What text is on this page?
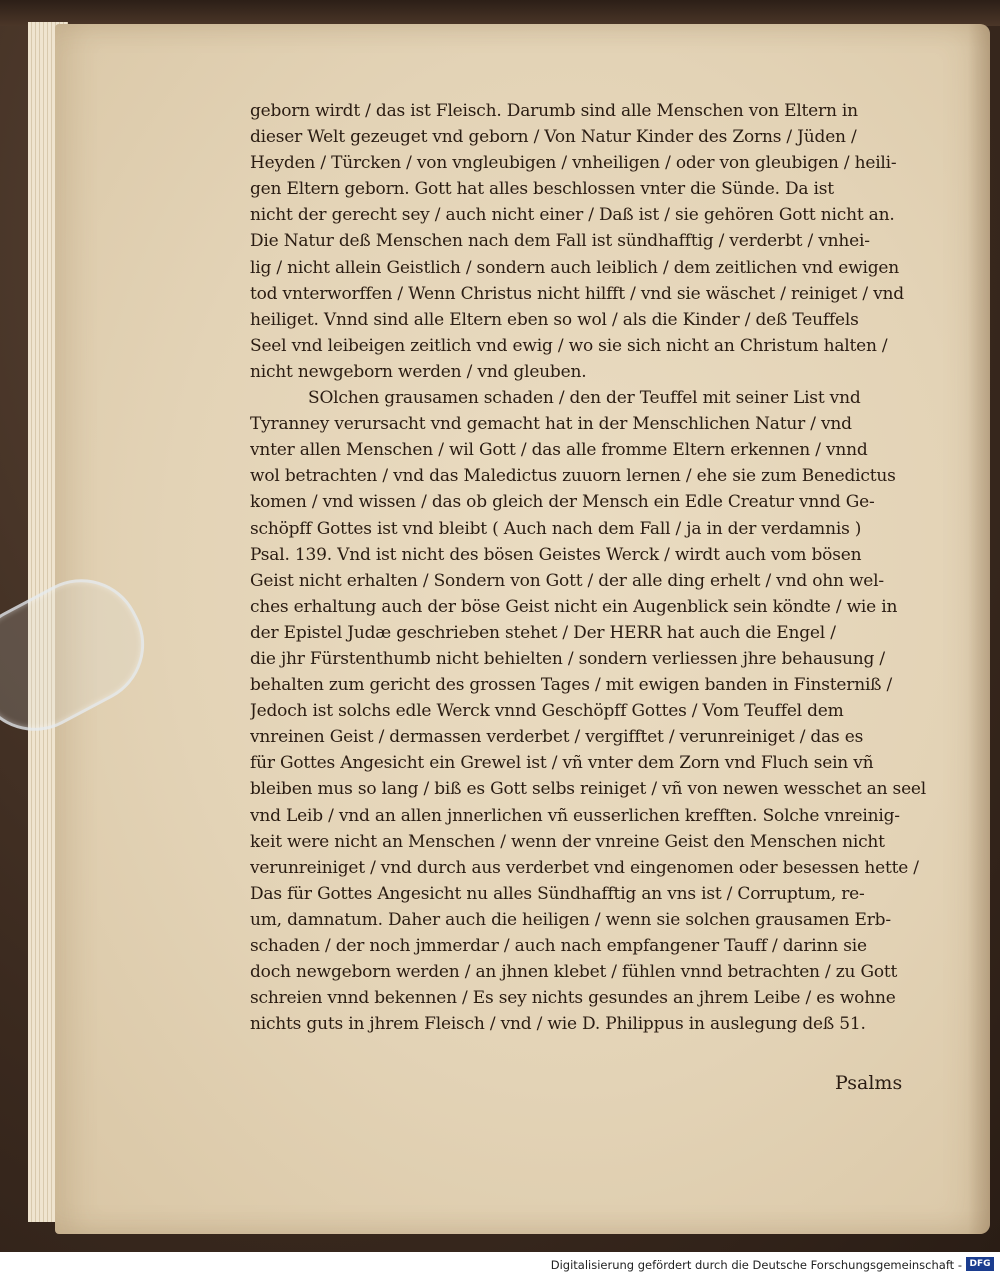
geborn wirdt / das ist Fleisch. Darumb sind alle Menschen von Eltern in
dieser Welt gezeuget vnd geborn / Von Natur Kinder des Zorns / Jüden /
Heyden / Türcken / von vngleubigen / vnheiligen / oder von gleubigen / heili-
gen Eltern geborn. Gott hat alles beschlossen vnter die Sünde. Da ist
nicht der gerecht sey / auch nicht einer / Daß ist / sie gehören Gott nicht an.
Die Natur deß Menschen nach dem Fall ist sündhafftig / verderbt / vnhei-
lig / nicht allein Geistlich / sondern auch leiblich / dem zeitlichen vnd ewigen
tod vnterworffen / Wenn Christus nicht hilfft / vnd sie wäschet / reiniget / vnd
heiliget. Vnnd sind alle Eltern eben so wol / als die Kinder / deß Teuffels
Seel vnd leibeigen zeitlich vnd ewig / wo sie sich nicht an Christum halten /
nicht newgeborn werden / vnd gleuben.
SOlchen grausamen schaden / den der Teuffel mit seiner List vnd
Tyranney verursacht vnd gemacht hat in der Menschlichen Natur / vnd
vnter allen Menschen / wil Gott / das alle fromme Eltern erkennen / vnnd
wol betrachten / vnd das Maledictus zuuorn lernen / ehe sie zum Benedictus
komen / vnd wissen / das ob gleich der Mensch ein Edle Creatur vnnd Ge-
schöpff Gottes ist vnd bleibt ( Auch nach dem Fall / ja in der verdamnis )
Psal. 139. Vnd ist nicht des bösen Geistes Werck / wirdt auch vom bösen
Geist nicht erhalten / Sondern von Gott / der alle ding erhelt / vnd ohn wel-
ches erhaltung auch der böse Geist nicht ein Augenblick sein köndte / wie in
der Epistel Judæ geschrieben stehet / Der HERR hat auch die Engel /
die jhr Fürstenthumb nicht behielten / sondern verliessen jhre behausung /
behalten zum gericht des grossen Tages / mit ewigen banden in Finsterniß /
Jedoch ist solchs edle Werck vnnd Geschöpff Gottes / Vom Teuffel dem
vnreinen Geist / dermassen verderbet / vergifftet / verunreiniget / das es
für Gottes Angesicht ein Grewel ist / vñ vnter dem Zorn vnd Fluch sein vñ
bleiben mus so lang / biß es Gott selbs reiniget / vñ von newen wesschet an seel
vnd Leib / vnd an allen jnnerlichen vñ eusserlichen krefften. Solche vnreinig-
keit were nicht an Menschen / wenn der vnreine Geist den Menschen nicht
verunreiniget / vnd durch aus verderbet vnd eingenomen oder besessen hette /
Das für Gottes Angesicht nu alles Sündhafftig an vns ist / Corruptum, re-
um, damnatum. Daher auch die heiligen / wenn sie solchen grausamen Erb-
schaden / der noch jmmerdar / auch nach empfangener Tauff / darinn sie
doch newgeborn werden / an jhnen klebet / fühlen vnnd betrachten / zu Gott
schreien vnnd bekennen / Es sey nichts gesundes an jhrem Leibe / es wohne
nichts guts in jhrem Fleisch / vnd / wie D. Philippus in auslegung deß 51.
Psalms
Digitalisierung gefördert durch die Deutsche Forschungsgemeinschaft - DFG
